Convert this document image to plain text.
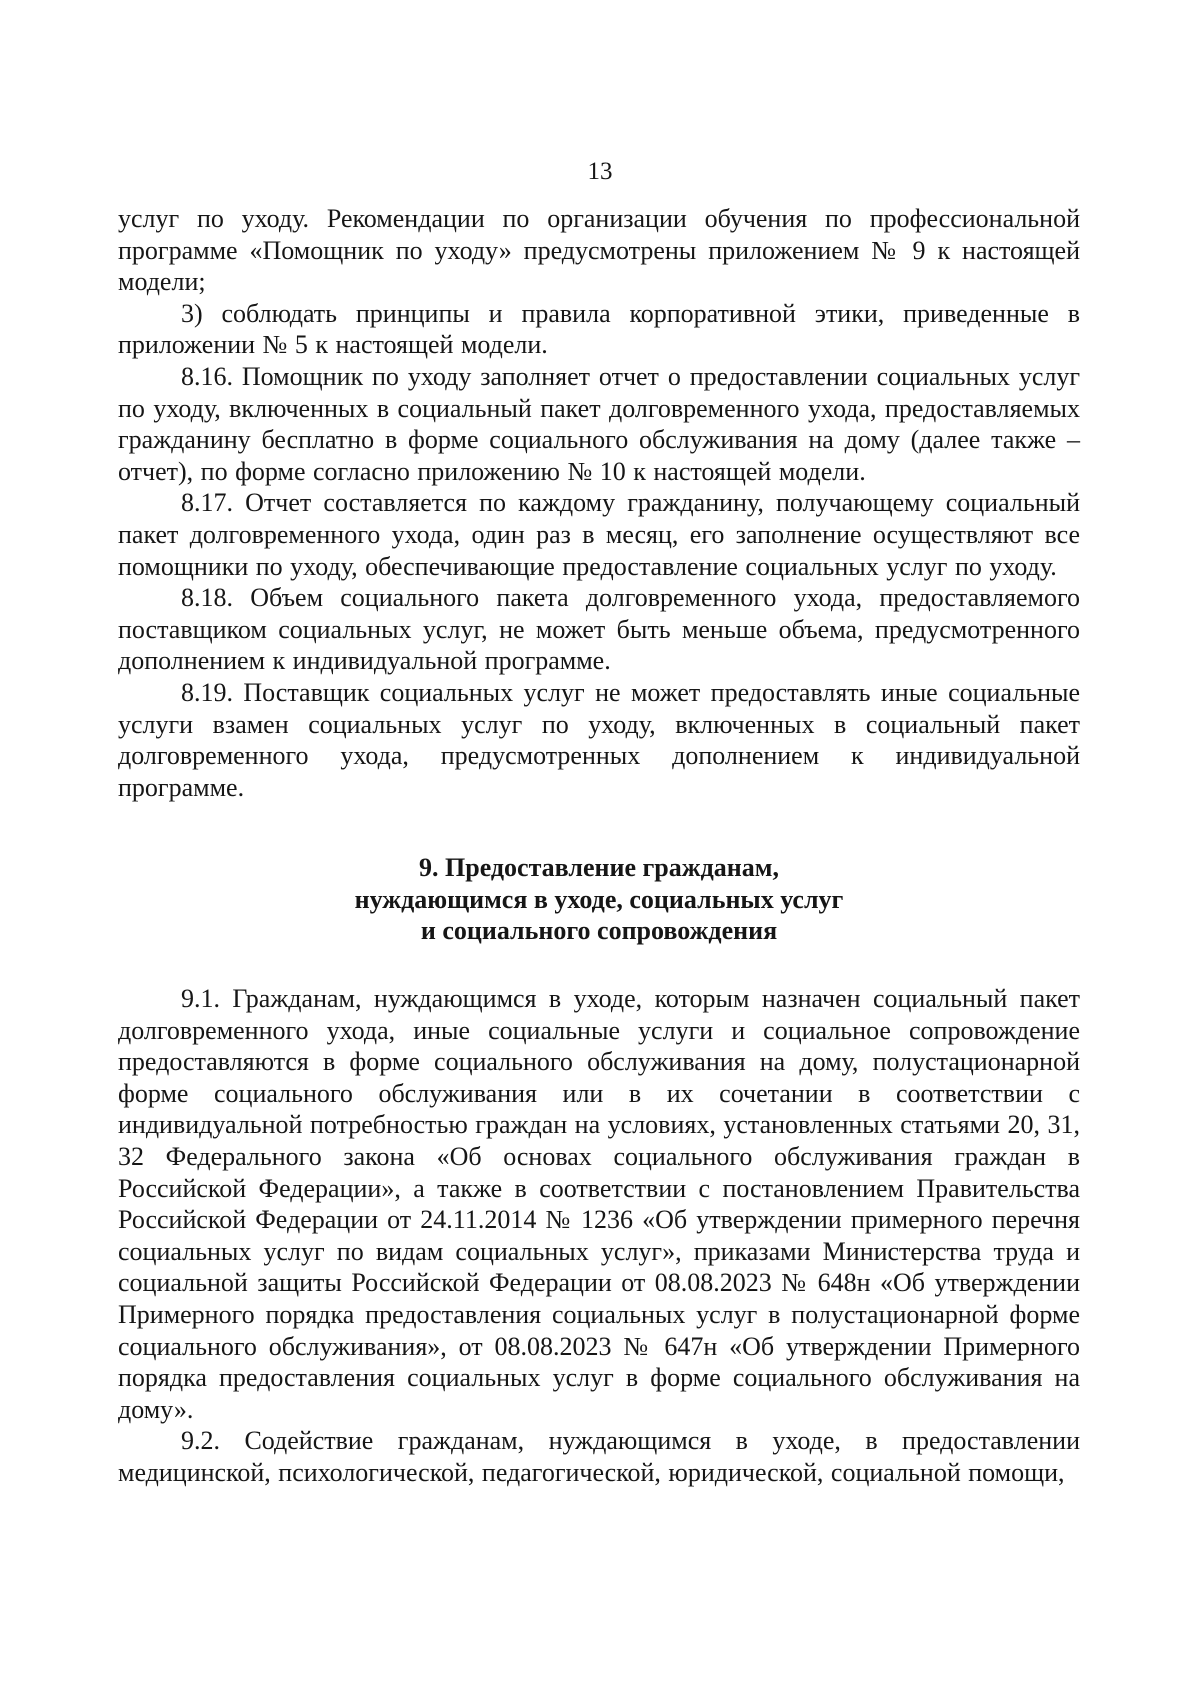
13

услуг по уходу. Рекомендации по организации обучения по профессиональной программе «Помощник по уходу» предусмотрены приложением № 9 к настоящей модели;

3) соблюдать принципы и правила корпоративной этики, приведенные в приложении № 5 к настоящей модели.

8.16. Помощник по уходу заполняет отчет о предоставлении социальных услуг по уходу, включенных в социальный пакет долговременного ухода, предоставляемых гражданину бесплатно в форме социального обслуживания на дому (далее также – отчет), по форме согласно приложению № 10 к настоящей модели.

8.17. Отчет составляется по каждому гражданину, получающему социальный пакет долговременного ухода, один раз в месяц, его заполнение осуществляют все помощники по уходу, обеспечивающие предоставление социальных услуг по уходу.

8.18. Объем социального пакета долговременного ухода, предоставляемого поставщиком социальных услуг, не может быть меньше объема, предусмотренного дополнением к индивидуальной программе.

8.19. Поставщик социальных услуг не может предоставлять иные социальные услуги взамен социальных услуг по уходу, включенных в социальный пакет долговременного ухода, предусмотренных дополнением к индивидуальной программе.

9. Предоставление гражданам,
нуждающимся в уходе, социальных услуг
и социального сопровождения

9.1. Гражданам, нуждающимся в уходе, которым назначен социальный пакет долговременного ухода, иные социальные услуги и социальное сопровождение предоставляются в форме социального обслуживания на дому, полустационарной форме социального обслуживания или в их сочетании в соответствии с индивидуальной потребностью граждан на условиях, установленных статьями 20, 31, 32 Федерального закона «Об основах социального обслуживания граждан в Российской Федерации», а также в соответствии с постановлением Правительства Российской Федерации от 24.11.2014 № 1236 «Об утверждении примерного перечня социальных услуг по видам социальных услуг», приказами Министерства труда и социальной защиты Российской Федерации от 08.08.2023 № 648н «Об утверждении Примерного порядка предоставления социальных услуг в полустационарной форме социального обслуживания», от 08.08.2023 № 647н «Об утверждении Примерного порядка предоставления социальных услуг в форме социального обслуживания на дому».

9.2. Содействие гражданам, нуждающимся в уходе, в предоставлении медицинской, психологической, педагогической, юридической, социальной помощи,
